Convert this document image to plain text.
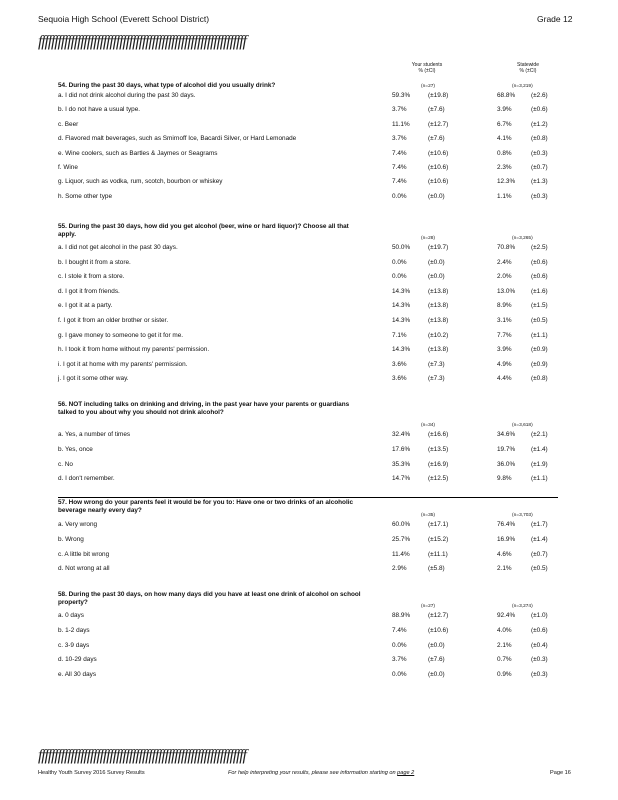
Sequoia High School (Everett School District)	Grade 12
ffffffffffffffffffffffffffffffffffffffffffffffffffffffffffffffff
Your students
% (±CI)
Statewide
% (±CI)
54. During the past 30 days, what type of alcohol did you usually drink?	(n=27)	(n=3,219)
a. I did not drink alcohol during the past 30 days.	59.3%	(±19.8)	68.8% (±2.6)
b. I do not have a usual type.	3.7%	(±7.6)	3.9%	(±0.6)
c. Beer	11.1%	(±12.7)	6.7%	(±1.2)
d. Flavored malt beverages, such as Smirnoff Ice, Bacardi Silver, or Hard Lemonade	3.7%	(±7.6)	4.1%	(±0.8)
e. Wine coolers, such as Bartles & Jaymes or Seagrams	7.4%	(±10.6)	0.8%	(±0.3)
f. Wine	7.4%	(±10.6)	2.3%	(±0.7)
g. Liquor, such as vodka, rum, scotch, bourbon or whiskey	7.4%	(±10.6)	12.3% (±1.3)
h. Some other type	0.0%	(±0.0)	1.1%	(±0.3)
55. During the past 30 days, how did you get alcohol (beer, wine or hard liquor)? Choose all that apply.
(n=28)	(n=3,265)
a. I did not get alcohol in the past 30 days.	50.0%	(±19.7)	70.8% (±2.5)
b. I bought it from a store.	0.0%	(±0.0)	2.4%	(±0.6)
c. I stole it from a store.	0.0%	(±0.0)	2.0%	(±0.6)
d. I got it from friends.	14.3%	(±13.8)	13.0% (±1.6)
e. I got it at a party.	14.3%	(±13.8)	8.9%	(±1.5)
f. I got it from an older brother or sister.	14.3%	(±13.8)	3.1%	(±0.5)
g. I gave money to someone to get it for me.	7.1%	(±10.2)	7.7%	(±1.1)
h. I took it from home without my parents' permission.	14.3%	(±13.8)	3.9%	(±0.9)
i. I got it at home with my parents' permission.	3.6%	(±7.3)	4.9%	(±0.9)
j. I got it some other way.	3.6%	(±7.3)	4.4%	(±0.8)
56. NOT including talks on drinking and driving, in the past year have your parents or guardians talked to you about why you should not drink alcohol?
(n=34)	(n=3,618)
a. Yes, a number of times	32.4%	(±16.6)	34.6% (±2.1)
b. Yes, once	17.6%	(±13.5)	19.7% (±1.4)
c. No	35.3%	(±16.9)	36.0% (±1.9)
d. I don't remember.	14.7%	(±12.5)	9.8%	(±1.1)
57. How wrong do your parents feel it would be for you to: Have one or two drinks of an alcoholic beverage nearly every day?
(n=35)	(n=3,703)
a. Very wrong	60.0%	(±17.1)	76.4% (±1.7)
b. Wrong	25.7%	(±15.2)	16.9% (±1.4)
c. A little bit wrong	11.4%	(±11.1)	4.6%	(±0.7)
d. Not wrong at all	2.9%	(±5.8)	2.1%	(±0.5)
58. During the past 30 days, on how many days did you have at least one drink of alcohol on school property?
(n=27)	(n=3,274)
a. 0 days	88.9%	(±12.7)	92.4% (±1.0)
b. 1-2 days	7.4%	(±10.6)	4.0%	(±0.6)
c. 3-9 days	0.0%	(±0.0)	2.1%	(±0.4)
d. 10-29 days	3.7%	(±7.6)	0.7%	(±0.3)
e. All 30 days	0.0%	(±0.0)	0.9%	(±0.3)
ffffffffffffffffffffffffffffffffffffffffffffffffffffffffffffffff
Healthy Youth Survey 2016 Survey Results	For help interpreting your results, please see information starting on page 2	Page 16
